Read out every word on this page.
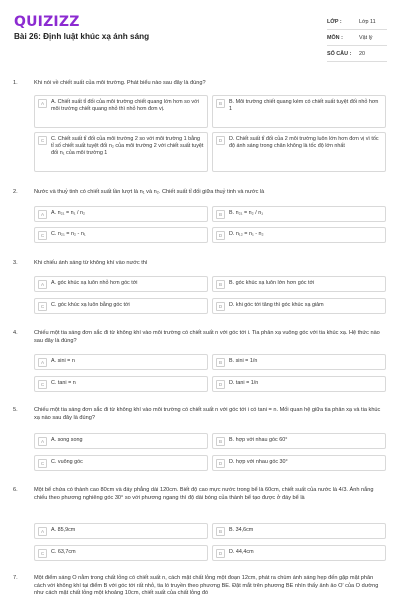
QUIZIZZ
Bài 26: Định luật khúc xạ ánh sáng
LỚP :	Lớp 11
MÔN :	Vật lý
SỐ CÂU :	20
1.	Khi nói về chiết suất của môi trường. Phát biểu nào sau đây là đúng?
A	A. Chiết suất tỉ đối của môi trường chiết quang lớn hơn so với môi trường chiết quang nhỏ thì nhỏ hơn đơn vị.
B	B. Môi trường chiết quang kém có chiết suất tuyệt đối nhỏ hơn 1
C	C. Chiết suất tỉ đối của môi trường 2 so với môi trường 1 bằng tỉ số chiết suất tuyệt đối n₂ của môi trường 2 với chiết suất tuyệt đối n₁ của môi trường 1
D	D. Chiết suất tỉ đối của 2 môi trường luôn lớn hơn đơn vị vì tốc độ ánh sáng trong chân không là tốc độ lớn nhất
2.	Nước và thuỷ tinh có chiết suất lần lượt là n₁ và n₂. Chiết suất tỉ đối giữa thuỷ tinh và nước là
A	A. n₂₁ = n₁ / n₂	B	B. n₂₁ = n₂ / n₁
C	C. n₂₁ = n₂ - n₁	D	D. n₁₂ = n₁ - n₂
3.	Khi chiếu ánh sáng từ không khí vào nước thì
A	A. góc khúc xạ luôn nhỏ hơn góc tới	B	B. góc khúc xạ luôn lớn hơn góc tới
C	C. góc khúc xạ luôn bằng góc tới	D	D. khi góc tới tăng thì góc khúc xạ giảm
4.	Chiếu một tia sáng đơn sắc đi từ không khí vào môi trường có chiết suất n với góc tới i. Tia phản xạ vuông góc với tia khúc xạ. Hệ thức nào sau đây là đúng?
A	A. sini = n	B	B. sini = 1/n
C	C. tani = n	D	D. tani = 1/n
5.	Chiếu một tia sáng đơn sắc đi từ không khí vào môi trường có chiết suất n với góc tới i có tani = n. Mối quan hệ giữa tia phản xạ và tia khúc xạ nào sau đây là đúng?
A	A. song song	B	B. hợp với nhau góc 60°
C	C. vuông góc	D	D. hợp với nhau góc 30°
6.	Một bể chứa có thành cao 80cm và đáy phẳng dài 120cm. Biết độ cao mực nước trong bể là 60cm, chiết suất của nước là 4/3. Ánh nắng chiếu theo phương nghiêng góc 30° so với phương ngang thì độ dài bóng của thành bể tạo được ở đáy bể là
A	A. 85,9cm	B	B. 34,6cm
C	C. 63,7cm	D	D. 44,4cm
7.	Một điểm sáng O nằm trong chất lỏng có chiết suất n, cách mặt chất lỏng một đoạn 12cm, phát ra chùm ánh sáng hẹp đến gặp mặt phân cách với không khí tại điểm B với góc tới rất nhỏ, tia ló truyền theo phương BE. Đặt mắt trên phương BE nhìn thấy ảnh ảo O' của O dường như cách mặt chất lỏng một khoảng 10cm, chiết suất của chất lỏng đó
